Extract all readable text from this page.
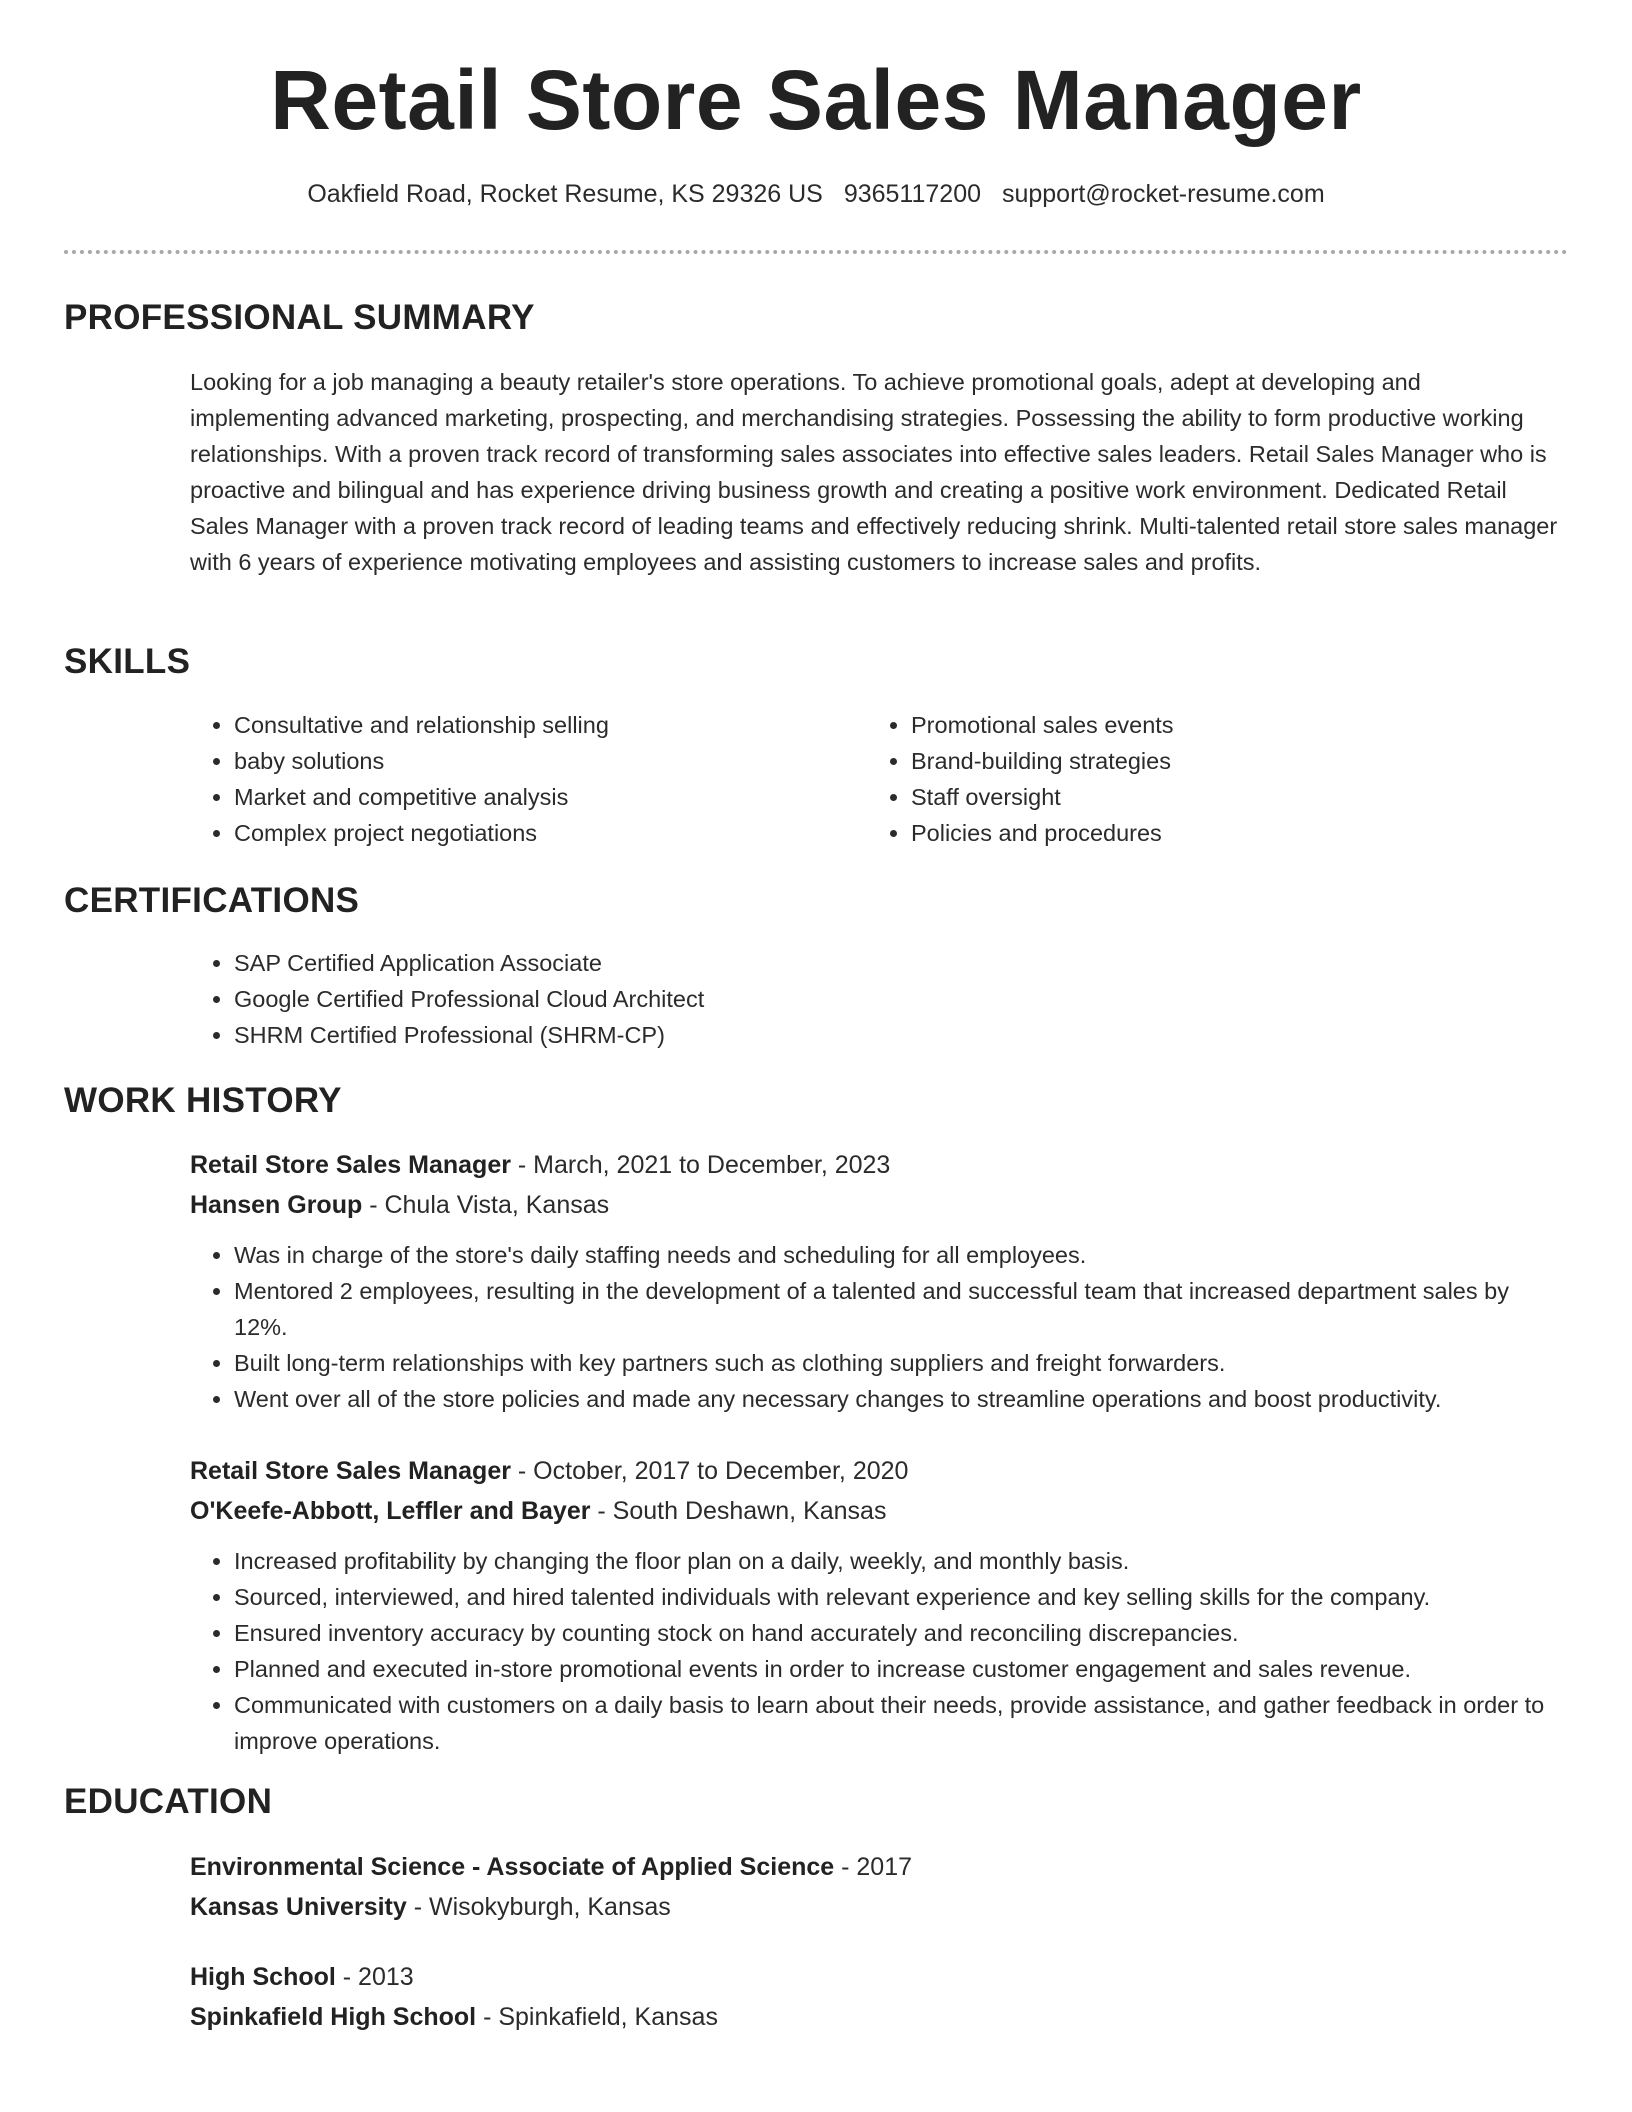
Retail Store Sales Manager
Oakfield Road, Rocket Resume, KS 29326 US 9365117200 support@rocket-resume.com
PROFESSIONAL SUMMARY

Looking for a job managing a beauty retailer's store operations. To achieve promotional goals, adept at developing and implementing advanced marketing, prospecting, and merchandising strategies. Possessing the ability to form productive working relationships. With a proven track record of transforming sales associates into effective sales leaders. Retail Sales Manager who is proactive and bilingual and has experience driving business growth and creating a positive work environment. Dedicated Retail Sales Manager with a proven track record of leading teams and effectively reducing shrink. Multi-talented retail store sales manager with 6 years of experience motivating employees and assisting customers to increase sales and profits.

SKILLS
• Consultative and relationship selling
• baby solutions
• Market and competitive analysis
• Complex project negotiations
• Promotional sales events
• Brand-building strategies
• Staff oversight
• Policies and procedures
CERTIFICATIONS
• SAP Certified Application Associate
• Google Certified Professional Cloud Architect
• SHRM Certified Professional (SHRM-CP)
WORK HISTORY
Retail Store Sales Manager - March, 2021 to December, 2023
Hansen Group - Chula Vista, Kansas
• Was in charge of the store's daily staffing needs and scheduling for all employees.
• Mentored 2 employees, resulting in the development of a talented and successful team that increased department sales by 12%.
• Built long-term relationships with key partners such as clothing suppliers and freight forwarders.
• Went over all of the store policies and made any necessary changes to streamline operations and boost productivity.
Retail Store Sales Manager - October, 2017 to December, 2020
O'Keefe-Abbott, Leffler and Bayer - South Deshawn, Kansas
• Increased profitability by changing the floor plan on a daily, weekly, and monthly basis.
• Sourced, interviewed, and hired talented individuals with relevant experience and key selling skills for the company.
• Ensured inventory accuracy by counting stock on hand accurately and reconciling discrepancies.
• Planned and executed in-store promotional events in order to increase customer engagement and sales revenue.
• Communicated with customers on a daily basis to learn about their needs, provide assistance, and gather feedback in order to improve operations.
EDUCATION
Environmental Science - Associate of Applied Science - 2017
Kansas University - Wisokyburgh, Kansas
High School - 2013
Spinkafield High School - Spinkafield, Kansas
